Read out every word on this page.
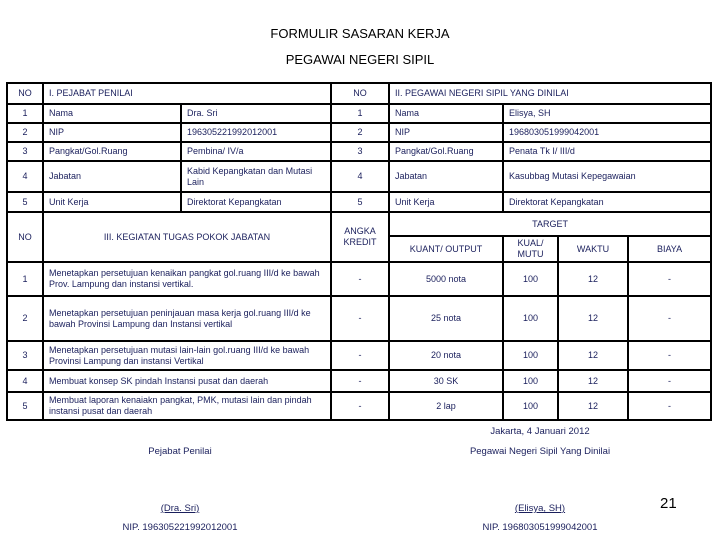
FORMULIR SASARAN KERJA
PEGAWAI NEGERI SIPIL
NO	I. PEJABAT PENILAI		NO	II. PEGAWAI NEGERI SIPIL YANG DINILAI			
1	Nama	Dra. Sri	1	Nama	Elisya, SH		
2	NIP	196305221992012001	2	NIP	196803051999042001		
3	Pangkat/Gol.Ruang	Pembina/ IV/a	3	Pangkat/Gol.Ruang	Penata Tk I/ III/d		
4	Jabatan	Kabid Kepangkatan dan Mutasi Lain	4	Jabatan	Kasubbag Mutasi Kepegawaian		
5	Unit Kerja	Direktorat Kepangkatan	5	Unit Kerja	Direktorat Kepangkatan		
NO	III. KEGIATAN TUGAS POKOK JABATAN		ANGKA KREDIT	TARGET			
				KUANT/ OUTPUT	KUAL/ MUTU	WAKTU	BIAYA
1	Menetapkan persetujuan kenaikan pangkat gol.ruang III/d ke bawah Prov. Lampung dan instansi vertikal.		-	5000 nota	100	12	-
2	Menetapkan persetujuan peninjauan masa kerja gol.ruang III/d ke bawah Provinsi Lampung dan Instansi vertikal		-	25 nota	100	12	-
3	Menetapkan persetujuan mutasi lain-lain gol.ruang III/d ke bawah Provinsi Lampung dan instansi Vertikal		-	20 nota	100	12	-
4	Membuat konsep SK pindah Instansi pusat dan daerah		-	30 SK	100	12	-
5	Membuat laporan kenaiakn pangkat, PMK, mutasi lain dan pindah instansi pusat dan daerah		-	2 lap	100	12	-
Jakarta, 4 Januari 2012
Pejabat Penilai	Pegawai Negeri Sipil Yang Dinilai
(Dra. Sri)	(Elisya, SH)
NIP. 196305221992012001	NIP. 196803051999042001
21
